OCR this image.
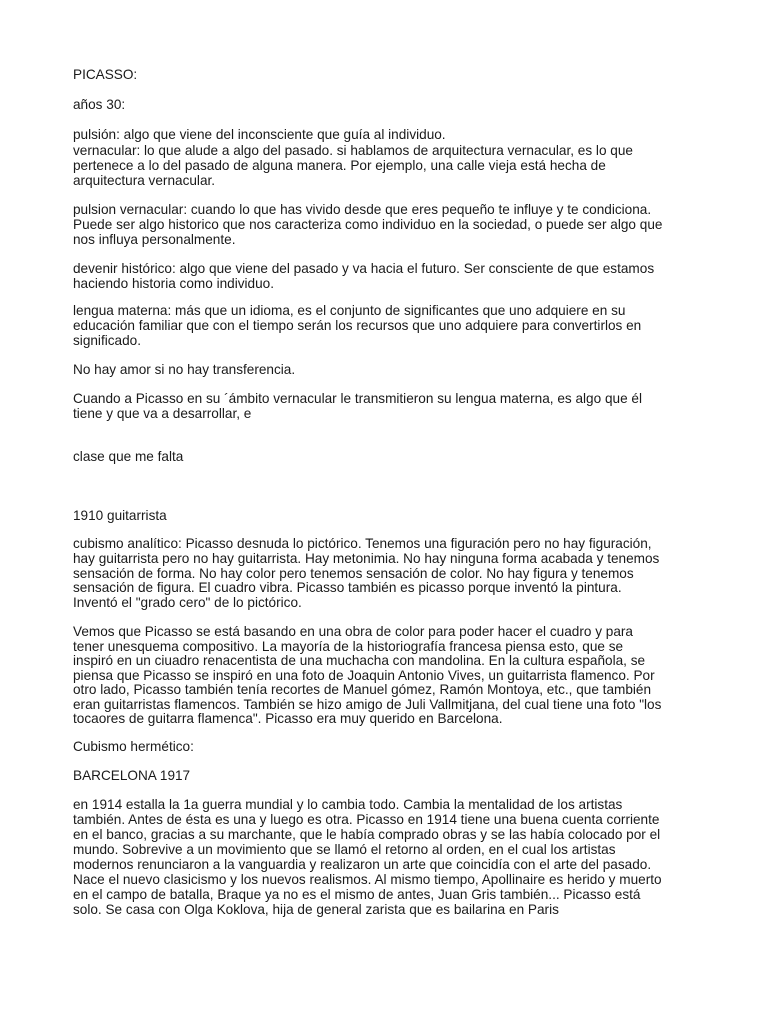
PICASSO:

años 30:

pulsión: algo que viene del inconsciente que guía al individuo.

vernacular: lo que alude a algo del pasado. si hablamos de arquitectura vernacular, es lo que

pertenece a lo del pasado de alguna manera. Por ejemplo, una calle vieja está hecha de

arquitectura vernacular.

pulsion vernacular: cuando lo que has vivido desde que eres pequeño te influye y te condiciona.

Puede ser algo historico que nos caracteriza como individuo en la sociedad, o puede ser algo que

nos influya personalmente.

devenir histórico: algo que viene del pasado y va hacia el futuro. Ser consciente de que estamos

haciendo historia como individuo.

lengua materna: más que un idioma, es el conjunto de significantes que uno adquiere en su

educación familiar que con el tiempo serán los recursos que uno adquiere para convertirlos en

significado.

No hay amor si no hay transferencia.

Cuando a Picasso en su ´ámbito vernacular le transmitieron su lengua materna, es algo que él

tiene y que va a desarrollar, e

clase que me falta

1910 guitarrista

cubismo analítico: Picasso desnuda lo pictórico. Tenemos una figuración pero no hay figuración,

hay guitarrista pero no hay guitarrista. Hay metonimia. No hay ninguna forma acabada y tenemos

sensación de forma. No hay color pero tenemos sensación de color. No hay figura y tenemos

sensación de figura. El cuadro vibra. Picasso también es picasso porque inventó la pintura.

Inventó el "grado cero" de lo pictórico.

Vemos que Picasso se está basando en una obra de color para poder hacer el cuadro y para

tener unesquema compositivo. La mayoría de la historiografía francesa piensa esto, que se

inspiró en un ciuadro renacentista de una muchacha con mandolina. En la cultura española, se

piensa que Picasso se inspiró en una foto de Joaquin Antonio Vives, un guitarrista flamenco. Por

otro lado, Picasso también tenía recortes de Manuel gómez, Ramón Montoya, etc., que también

eran guitarristas flamencos. También se hizo amigo de Juli Vallmitjana, del cual tiene una foto "los

tocaores de guitarra flamenca". Picasso era muy querido en Barcelona.

Cubismo hermético:

BARCELONA 1917

en 1914 estalla la 1a guerra mundial y lo cambia todo. Cambia la mentalidad de los artistas

también. Antes de ésta es una y luego es otra. Picasso en 1914 tiene una buena cuenta corriente

en el banco, gracias a su marchante, que le había comprado obras y se las había colocado por el

mundo. Sobrevive a un movimiento que se llamó el retorno al orden, en el cual los artistas

modernos renunciaron a la vanguardia y realizaron un arte que coincidía con el arte del pasado.

Nace el nuevo clasicismo y los nuevos realismos. Al mismo tiempo, Apollinaire es herido y muerto

en el campo de batalla, Braque ya no es el mismo de antes, Juan Gris también... Picasso está

solo. Se casa con Olga Koklova, hija de general zarista que es bailarina en Paris
